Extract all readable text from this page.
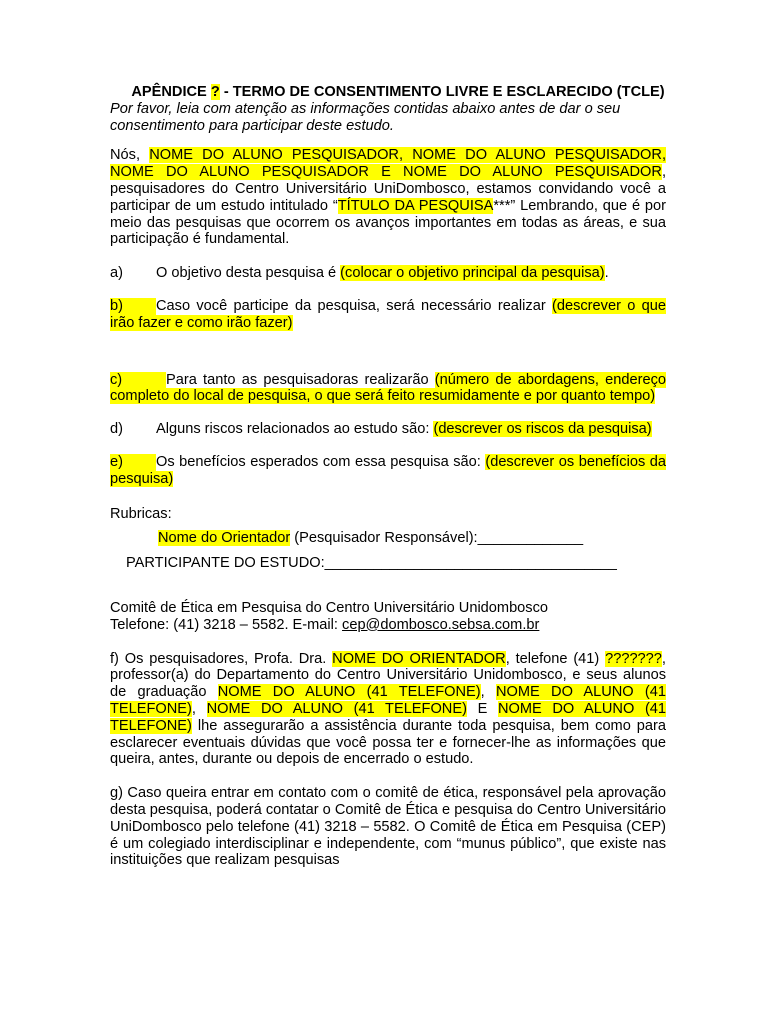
APÊNDICE ? - TERMO DE CONSENTIMENTO LIVRE E ESCLARECIDO (TCLE)

Por favor, leia com atenção as informações contidas abaixo antes de dar o seu consentimento para participar deste estudo.

Nós, NOME DO ALUNO PESQUISADOR, NOME DO ALUNO PESQUISADOR, NOME DO ALUNO PESQUISADOR E NOME DO ALUNO PESQUISADOR, pesquisadores do Centro Universitário UniDombosco, estamos convidando você a participar de um estudo intitulado “TÍTULO DA PESQUISA***” Lembrando, que é por meio das pesquisas que ocorrem os avanços importantes em todas as áreas, e sua participação é fundamental.

a) O objetivo desta pesquisa é (colocar o objetivo principal da pesquisa).

b) Caso você participe da pesquisa, será necessário realizar (descrever o que irão fazer e como irão fazer)

c)	Para tanto as pesquisadoras realizarão (número de abordagens, endereço completo do local de pesquisa, o que será feito resumidamente e por quanto tempo)

d) Alguns riscos relacionados ao estudo são: (descrever os riscos da pesquisa)

e) Os benefícios esperados com essa pesquisa são: (descrever os benefícios da pesquisa)

Rubricas:

Nome do Orientador (Pesquisador Responsável):_____________

PARTICIPANTE DO ESTUDO:____________________________________

Comitê de Ética em Pesquisa do Centro Universitário Unidombosco
Telefone: (41) 3218 – 5582. E-mail: cep@dombosco.sebsa.com.br

f) Os pesquisadores, Profa. Dra. NOME DO ORIENTADOR, telefone (41) ???????, professor(a) do Departamento do Centro Universitário Unidombosco, e seus alunos de graduação NOME DO ALUNO (41 TELEFONE), NOME DO ALUNO (41 TELEFONE), NOME DO ALUNO (41 TELEFONE) E NOME DO ALUNO (41 TELEFONE) lhe assegurarão a assistência durante toda pesquisa, bem como para esclarecer eventuais dúvidas que você possa ter e fornecer-lhe as informações que queira, antes, durante ou depois de encerrado o estudo.

g) Caso queira entrar em contato com o comitê de ética, responsável pela aprovação desta pesquisa, poderá contatar o Comitê de Ética e pesquisa do Centro Universitário UniDombosco pelo telefone (41) 3218 – 5582. O Comitê de Ética em Pesquisa (CEP) é um colegiado interdisciplinar e independente, com “munus público”, que existe nas instituições que realizam pesquisas
